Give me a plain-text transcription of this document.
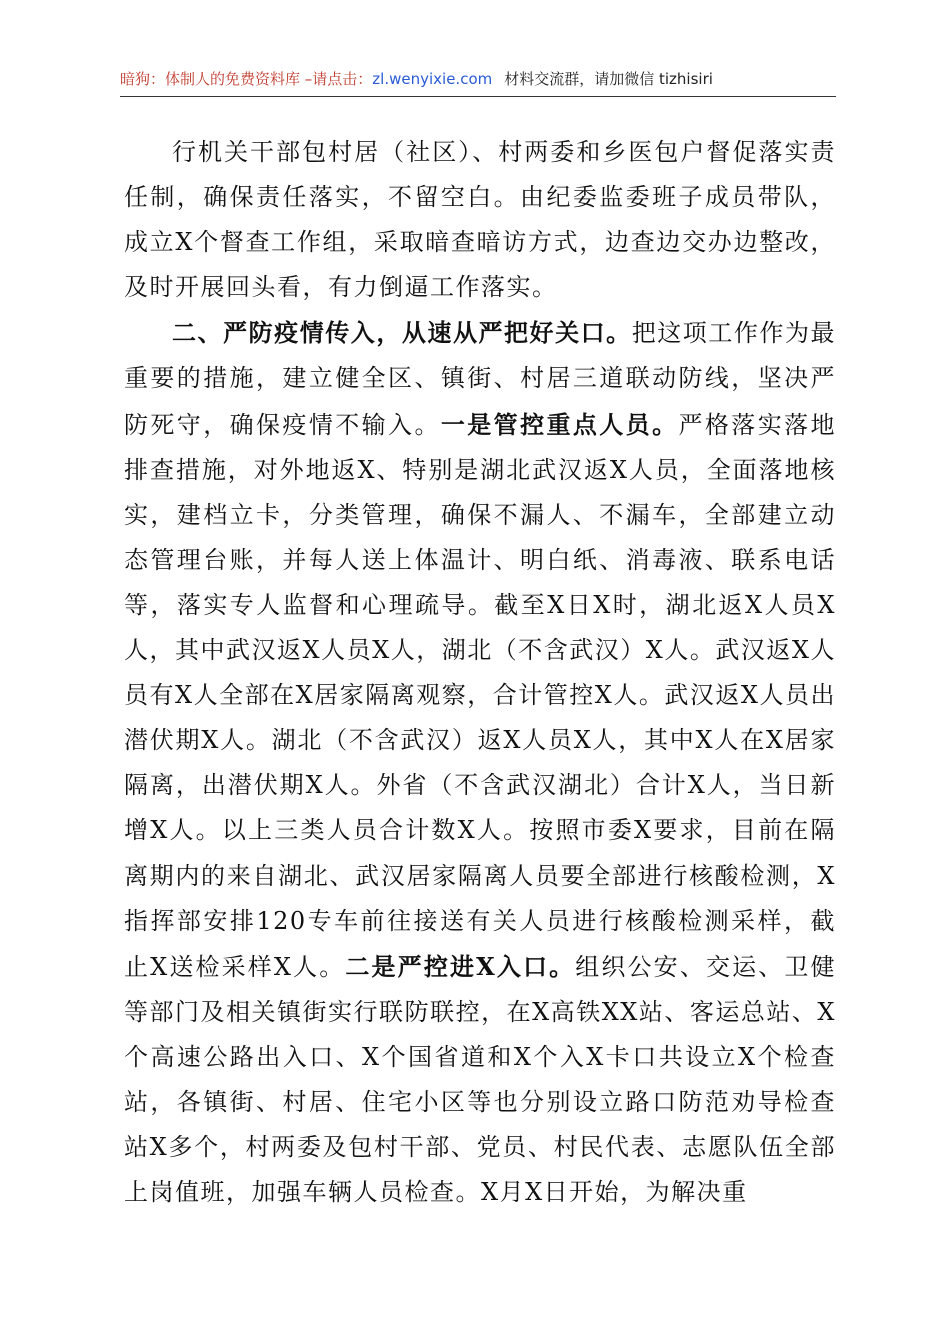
暗狗：体制人的免费资料库 –请点击：zl.wenyixie.com 材料交流群，请加微信 tizhisiri

行机关干部包村居（社区）、村两委和乡医包户督促落实责任制，确保责任落实，不留空白。由纪委监委班子成员带队，成立X个督查工作组，采取暗查暗访方式，边查边交办边整改，及时开展回头看，有力倒逼工作落实。

二、严防疫情传入，从速从严把好关口。把这项工作作为最重要的措施，建立健全区、镇街、村居三道联动防线，坚决严防死守，确保疫情不输入。一是管控重点人员。严格落实落地排查措施，对外地返X、特别是湖北武汉返X人员，全面落地核实，建档立卡，分类管理，确保不漏人、不漏车，全部建立动态管理台账，并每人送上体温计、明白纸、消毒液、联系电话等，落实专人监督和心理疏导。截至X日X时，湖北返X人员X人，其中武汉返X人员X人，湖北（不含武汉）X人。武汉返X人员有X人全部在X居家隔离观察，合计管控X人。武汉返X人员出潜伏期X人。湖北（不含武汉）返X人员X人，其中X人在X居家隔离，出潜伏期X人。外省（不含武汉湖北）合计X人，当日新增X人。以上三类人员合计数X人。按照市委X要求，目前在隔离期内的来自湖北、武汉居家隔离人员要全部进行核酸检测，X指挥部安排120专车前往接送有关人员进行核酸检测采样，截止X送检采样X人。二是严控进X入口。组织公安、交运、卫健等部门及相关镇街实行联防联控，在X高铁XX站、客运总站、X个高速公路出入口、X个国省道和X个入X卡口共设立X个检查站，各镇街、村居、住宅小区等也分别设立路口防范劝导检查站X多个，村两委及包村干部、党员、村民代表、志愿队伍全部上岗值班，加强车辆人员检查。X月X日开始，为解决重
